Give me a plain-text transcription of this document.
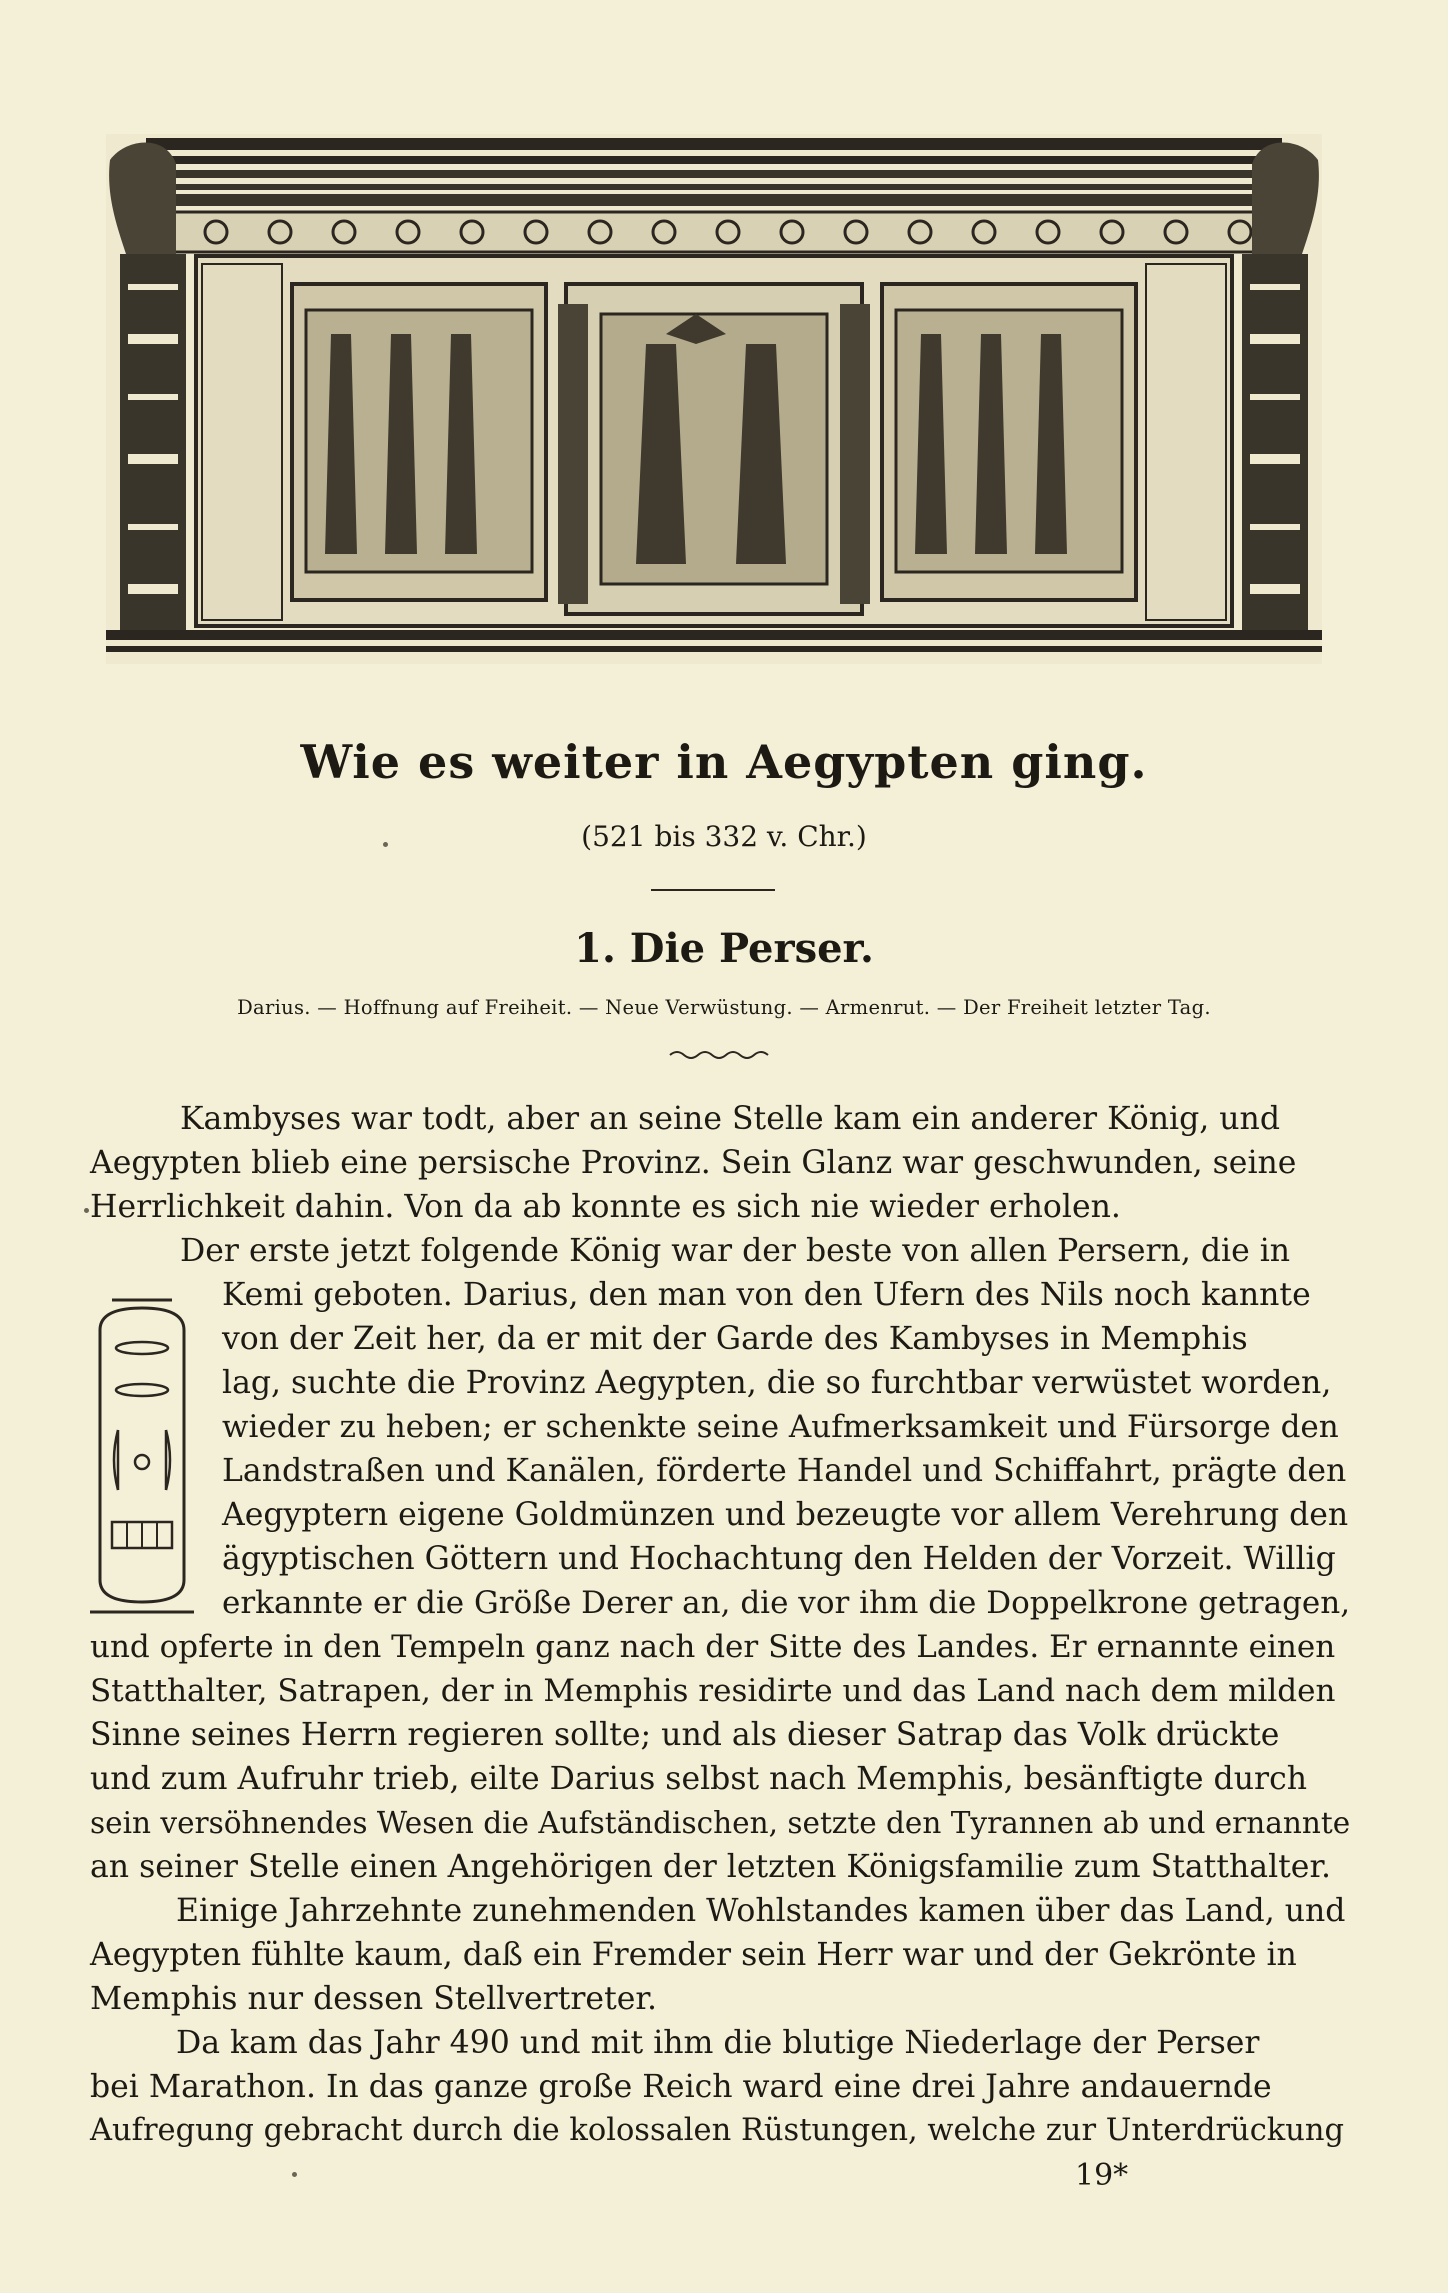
Wie es weiter in Aegypten ging.
(521 bis 332 v. Chr.)
1. Die Perser.
Darius. — Hoffnung auf Freiheit. — Neue Verwüstung. — Armenrut. — Der Freiheit letzter Tag.
Kambyses war todt, aber an seine Stelle kam ein anderer König, und
Aegypten blieb eine persische Provinz. Sein Glanz war geschwunden, seine
Herrlichkeit dahin. Von da ab konnte es sich nie wieder erholen.
Der erste jetzt folgende König war der beste von allen Persern, die in
Kemi geboten. Darius, den man von den Ufern des Nils noch kannte
von der Zeit her, da er mit der Garde des Kambyses in Memphis
lag, suchte die Provinz Aegypten, die so furchtbar verwüstet worden,
wieder zu heben; er schenkte seine Aufmerksamkeit und Fürsorge den
Landstraßen und Kanälen, förderte Handel und Schiffahrt, prägte den
Aegyptern eigene Goldmünzen und bezeugte vor allem Verehrung den
ägyptischen Göttern und Hochachtung den Helden der Vorzeit. Willig
erkannte er die Größe Derer an, die vor ihm die Doppelkrone getragen,
und opferte in den Tempeln ganz nach der Sitte des Landes. Er ernannte einen
Statthalter, Satrapen, der in Memphis residirte und das Land nach dem milden
Sinne seines Herrn regieren sollte; und als dieser Satrap das Volk drückte
und zum Aufruhr trieb, eilte Darius selbst nach Memphis, besänftigte durch
sein versöhnendes Wesen die Aufständischen, setzte den Tyrannen ab und ernannte
an seiner Stelle einen Angehörigen der letzten Königsfamilie zum Statthalter.
Einige Jahrzehnte zunehmenden Wohlstandes kamen über das Land, und
Aegypten fühlte kaum, daß ein Fremder sein Herr war und der Gekrönte in
Memphis nur dessen Stellvertreter.
Da kam das Jahr 490 und mit ihm die blutige Niederlage der Perser
bei Marathon. In das ganze große Reich ward eine drei Jahre andauernde
Aufregung gebracht durch die kolossalen Rüstungen, welche zur Unterdrückung
19*
